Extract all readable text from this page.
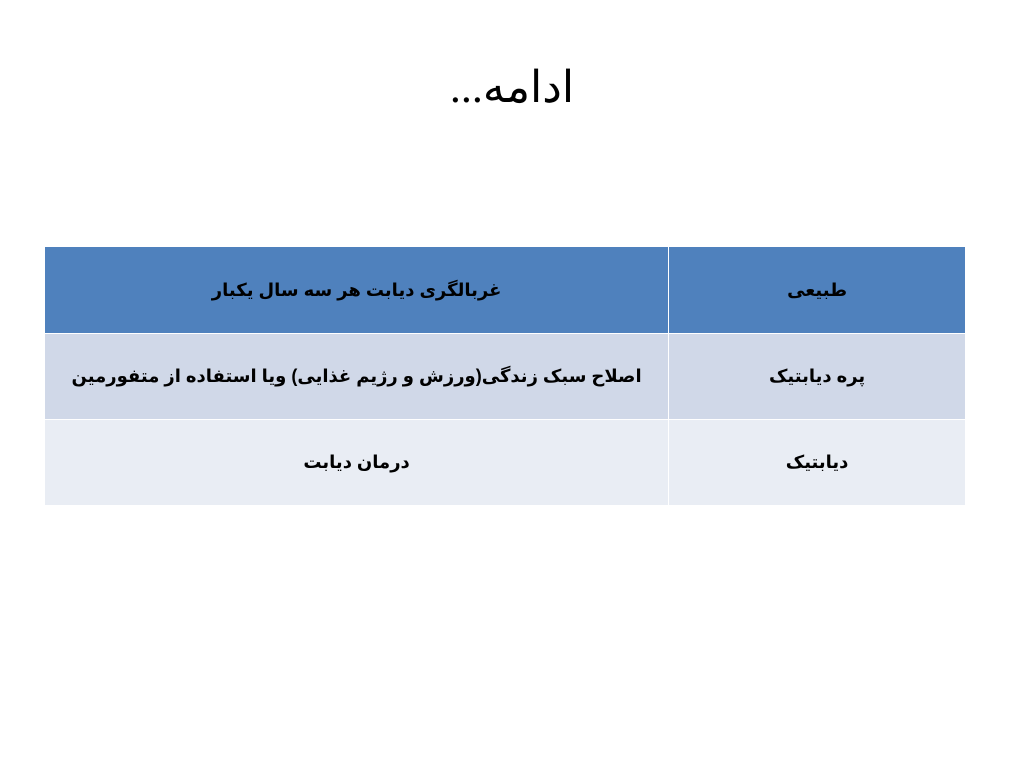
ادامه...
طبیعی	غربالگری دیابت هر سه سال یکبار
پره دیابتیک	اصلاح سبک زندگی(ورزش و رژیم غذایی) ویا استفاده از متفورمین
دیابتیک	درمان دیابت
